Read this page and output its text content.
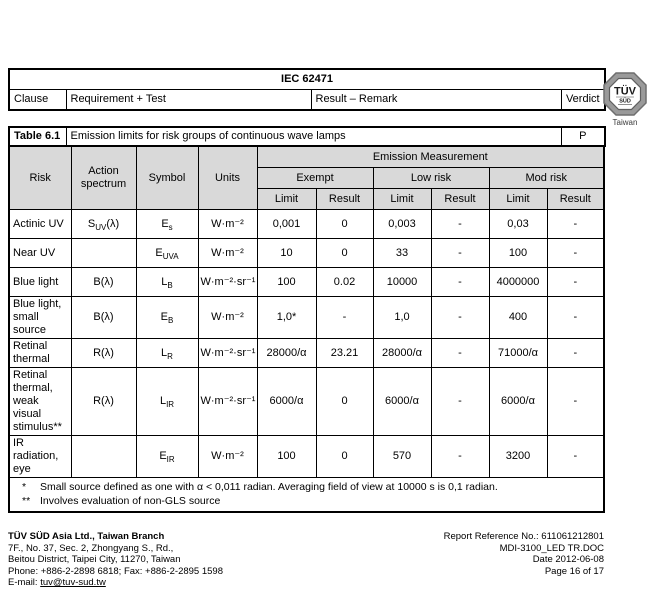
TÜV
SÜD
Taiwan
IEC 62471
Clause	Requirement + Test	Result – Remark	Verdict
Table 6.1	Emission limits for risk groups of continuous wave lamps	P
Risk	Action spectrum	Symbol	Units	Emission Measurement					
				Exempt		Low risk		Mod risk	
				Limit	Result	Limit	Result	Limit	Result
Actinic UV	$S_{UV}(\lambda)$	$E_s$	W·m⁻²	0,001	0	0,003	-	0,03	-
Near UV		$E_{UVA}$	W·m⁻²	10	0	33	-	100	-
Blue light	B(λ)	$L_B$	W·m⁻²·sr⁻¹	100	0.02	10000	-	4000000	-
Blue light, small source	B(λ)	$E_B$	W·m⁻²	1,0*	-	1,0	-	400	-
Retinal thermal	R(λ)	$L_R$	W·m⁻²·sr⁻¹	28000/α	23.21	28000/α	-	71000/α	-
Retinal thermal, weak visual stimulus**	R(λ)	$L_{IR}$	W·m⁻²·sr⁻¹	6000/α	0	6000/α	-	6000/α	-
IR radiation, eye		$E_{IR}$	W·m⁻²	100	0	570	-	3200	-

* Small source defined as one with α < 0,011 radian. Averaging field of view at 10000 s is 0,1 radian.
** Involves evaluation of non-GLS source									
TÜV SÜD Asia Ltd., Taiwan Branch
7F., No. 37, Sec. 2, Zhongyang S., Rd.,
Beitou District, Taipei City, 11270, Taiwan
Phone: +886-2-2898 6818; Fax: +886-2-2895 1598
E-mail: tuv@tuv-sud.tw
Report Reference No.: 611061212801
MDI-3100_LED TR.DOC
Date 2012-06-08
Page 16 of 17
